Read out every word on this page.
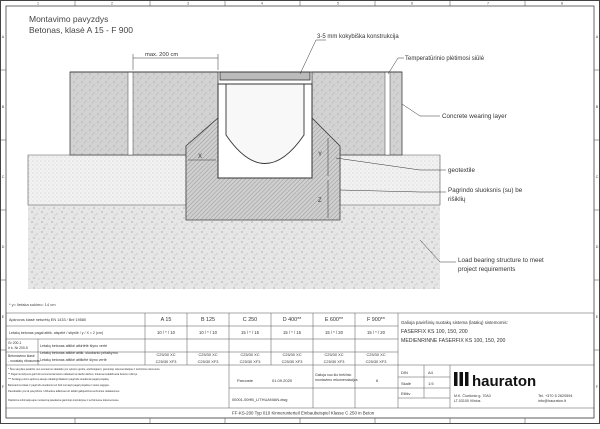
1	2	3	4	5	6	7	8
A
B
C
D
E
F
A
B
C
D
E
F
Montavimo pavyzdys
Betonas, klasė A 15 - F 900
max. 200 cm
X	Y
Z
3-5 mm kokybiška konstrukcija
Temperatūrinio plėtimosi siūlė
Concrete wearing layer
geotextile
Pagrindo sluoksnis (su) be
rišiklių
Load bearing structure to meet
project requirements
* y= lietaka sukimo: 14 cm
Apkrovos klasė neturėtų EN 1433 / Bnf 19580	A 15	B 125	C 250	D 400**	E 600**	F 900**
Letakų betonas pagal atitik. atspėlė / stiprilė / y / X ≈ 2 (cm)	10 / * / 10	10 / * / 10	15 / * / 15	15 / * / 15	15 / * / 20	15 / * / 20
Gr 200-1
Ir k. Nr 200-5	Letakų betonas atitikė atkirtėtė šlyno vertė
Betonavimo klasė
- nuostatų ribosumas
Letakų betonas atitikė atitik. sluoksnio pritaikymu
Letakų betonas atitikė atitikėtė šlyno vertė
C25/30 XC	C25/30 XC	C25/30 XC	C25/30 XC	C25/30 XC	C25/30 XC
C25/30 XF3	C25/30 XF3	C25/30 XF3	C25/30 XF3	C25/30 XF3	C25/30 XF3
* Šios savybės paskirtis nuo sumavimo skaidelio yra vyksmo greitis, atsižvelgiant į gamintojo rekomendacijas ir techninius duomenis.
** Pagal nurodymus gali būti sumontuota betonu atliekant tai darbo darbus; tinkamai sukalibruota betono mišinys.
*** Sunkiųjų eismo apkrovų atveju reikalingi išlaikomi pagrindo sluoksniai pagal projektą.
Betonavimo klasė ir pagrindo sluoksnis turi būti numatyti pagal projektą ir vietos sąlygas.
Paveikslėlis yra tik pavyzdinis. Užduoties atlikimas turi atitikti galiojančius techninius reikalavimus.
Papildoma informacija apie montavimą pateikiama gamintojo instrukcijose ir techniniuose dokumentuose.
Galioja paviršinių nuotakų sistema (latakų) sistemomis:
FASERFIX KS 100, 150, 200
MEDIENRINNE FASERFIX KS 100, 150, 200
Paruoste	01.09.2020
Galioja nuo šio brėžinio
montavimo rekomendacijos	6
00001-00HB_LITHUANIAN.dwg
DIN	A4
Skalė	1:5
Eilišv
hauraton
M.K. Čiurlionio g. 70A3
LT-03100 Vilnius
Tel. +370 5 2620594
info@hauraton.lt
FF-KS-200 Typ 010 Kinnerunterteil Einbaubeispiel Klasse C 250 in Beton
